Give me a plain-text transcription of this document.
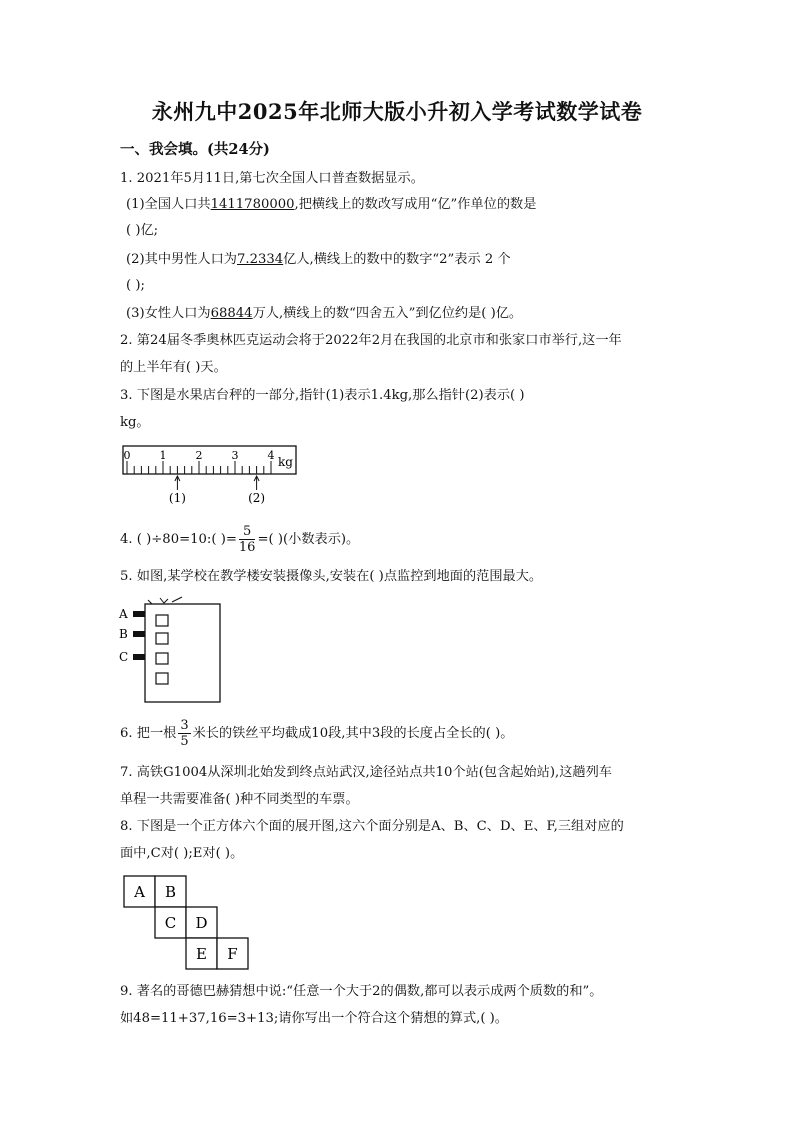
永州九中2025年北师大版小升初入学考试数学试卷
一、我会填。(共24分)
1. 2021年5月11日,第七次全国人口普查数据显示。
(1)全国人口共1411780000,把横线上的数改写成用“亿”作单位的数是
( )亿;
(2)其中男性人口为7.2334亿人,横线上的数中的数字“2”表示 2 个
( );
(3)女性人口为68844万人,横线上的数“四舍五入”到亿位约是( )亿。
2. 第24届冬季奥林匹克运动会将于2022年2月在我国的北京市和张家口市举行,这一年
的上半年有( )天。
3. 下图是水果店台秤的一部分,指针(1)表示1.4kg,那么指针(2)表示( )
kg。
0	1	2	3	4 kg
(1)	(2)
4. ( )÷80=10:( )= $\frac{5}{16}$ =( )(小数表示)。
5. 如图,某学校在教学楼安装摄像头,安装在( )点监控到地面的范围最大。
A
B
C
6. 把一根 $\frac{3}{5}$ 米长的铁丝平均截成10段,其中3段的长度占全长的( )。
7. 高铁G1004从深圳北始发到终点站武汉,途径站点共10个站(包含起始站),这趟列车
单程一共需要准备( )种不同类型的车票。
8. 下图是一个正方体六个面的展开图,这六个面分别是A、B、C、D、E、F,三组对应的
面中,C对( );E对( )。
A B
C D
E F
9. 著名的哥德巴赫猜想中说:“任意一个大于2的偶数,都可以表示成两个质数的和”。
如48=11+37,16=3+13;请你写出一个符合这个猜想的算式,( )。
